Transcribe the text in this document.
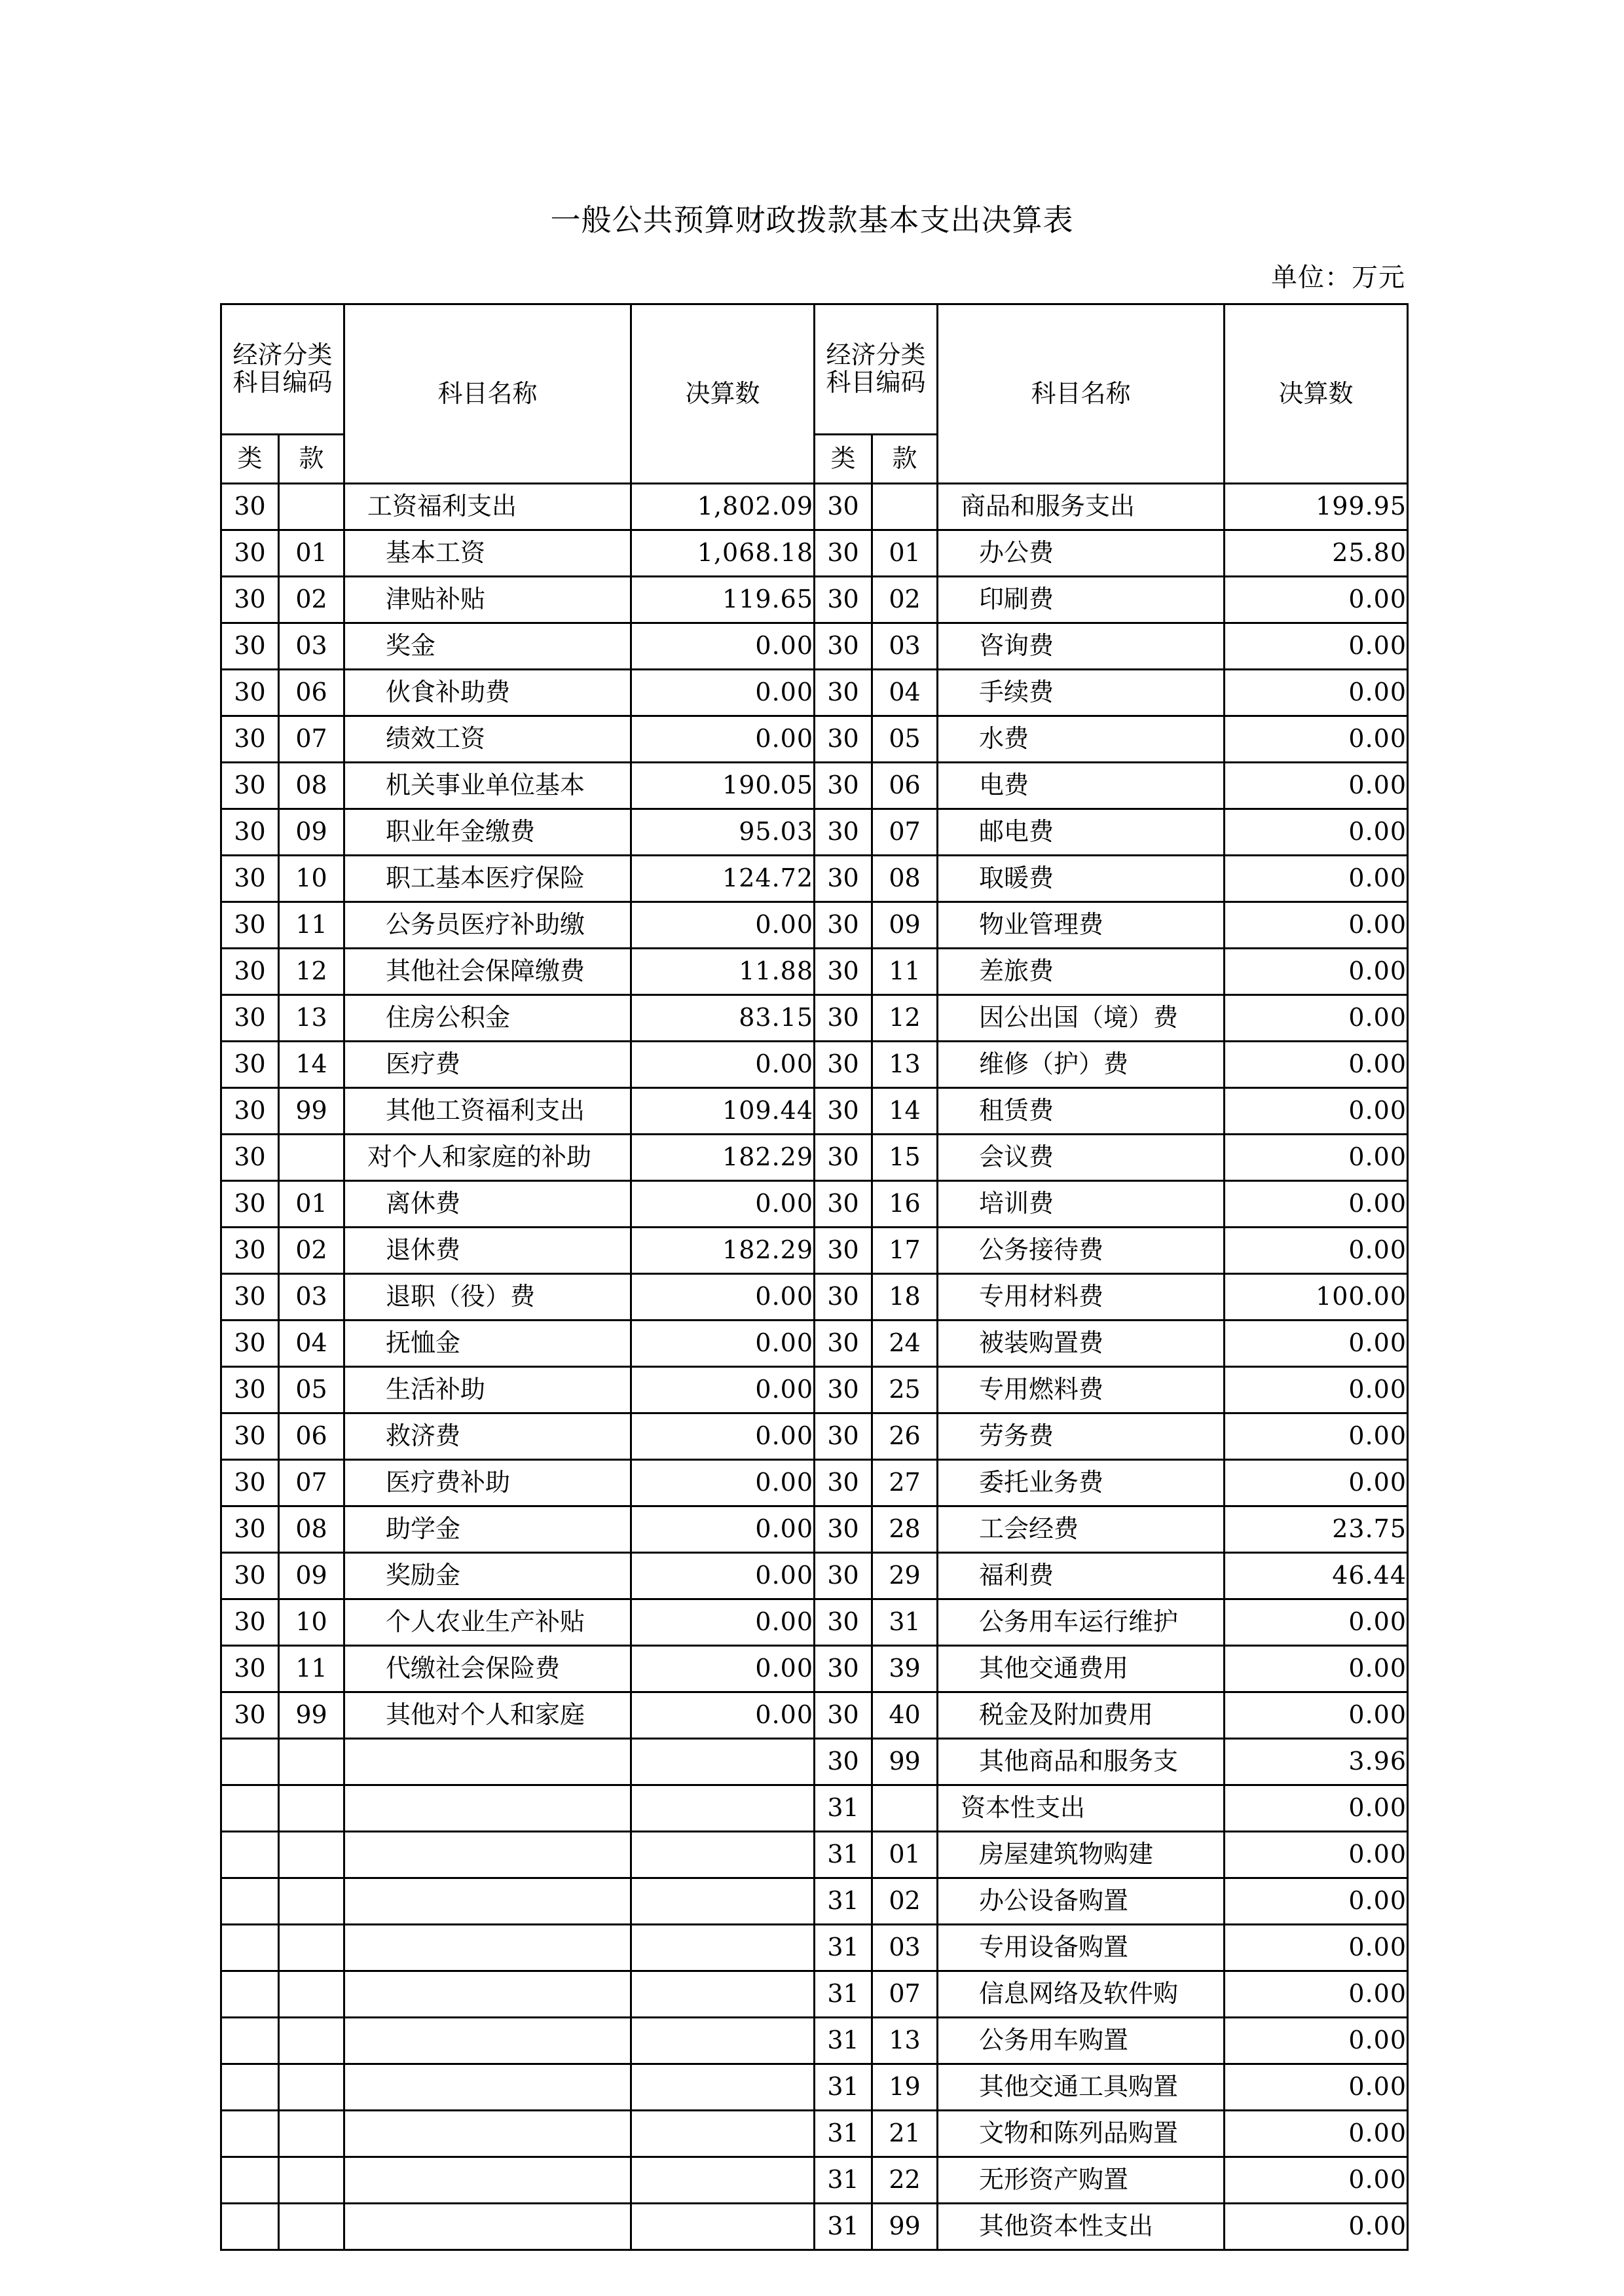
一般公共预算财政拨款基本支出决算表
单位：万元
经济分类科目编码		科目名称	决算数	经济分类科目编码		科目名称	决算数
类	款			类	款		
30		工资福利支出	1,802.09	30		商品和服务支出	199.95
30	01	基本工资	1,068.18	30	01	办公费	25.80
30	02	津贴补贴	119.65	30	02	印刷费	0.00
30	03	奖金	0.00	30	03	咨询费	0.00
30	06	伙食补助费	0.00	30	04	手续费	0.00
30	07	绩效工资	0.00	30	05	水费	0.00
30	08	机关事业单位基本	190.05	30	06	电费	0.00
30	09	职业年金缴费	95.03	30	07	邮电费	0.00
30	10	职工基本医疗保险	124.72	30	08	取暖费	0.00
30	11	公务员医疗补助缴	0.00	30	09	物业管理费	0.00
30	12	其他社会保障缴费	11.88	30	11	差旅费	0.00
30	13	住房公积金	83.15	30	12	因公出国（境）费	0.00
30	14	医疗费	0.00	30	13	维修（护）费	0.00
30	99	其他工资福利支出	109.44	30	14	租赁费	0.00
30		对个人和家庭的补助	182.29	30	15	会议费	0.00
30	01	离休费	0.00	30	16	培训费	0.00
30	02	退休费	182.29	30	17	公务接待费	0.00
30	03	退职（役）费	0.00	30	18	专用材料费	100.00
30	04	抚恤金	0.00	30	24	被装购置费	0.00
30	05	生活补助	0.00	30	25	专用燃料费	0.00
30	06	救济费	0.00	30	26	劳务费	0.00
30	07	医疗费补助	0.00	30	27	委托业务费	0.00
30	08	助学金	0.00	30	28	工会经费	23.75
30	09	奖励金	0.00	30	29	福利费	46.44
30	10	个人农业生产补贴	0.00	30	31	公务用车运行维护	0.00
30	11	代缴社会保险费	0.00	30	39	其他交通费用	0.00
30	99	其他对个人和家庭	0.00	30	40	税金及附加费用	0.00
				30	99	其他商品和服务支	3.96
				31		资本性支出	0.00
				31	01	房屋建筑物购建	0.00
				31	02	办公设备购置	0.00
				31	03	专用设备购置	0.00
				31	07	信息网络及软件购	0.00
				31	13	公务用车购置	0.00
				31	19	其他交通工具购置	0.00
				31	21	文物和陈列品购置	0.00
				31	22	无形资产购置	0.00
				31	99	其他资本性支出	0.00
